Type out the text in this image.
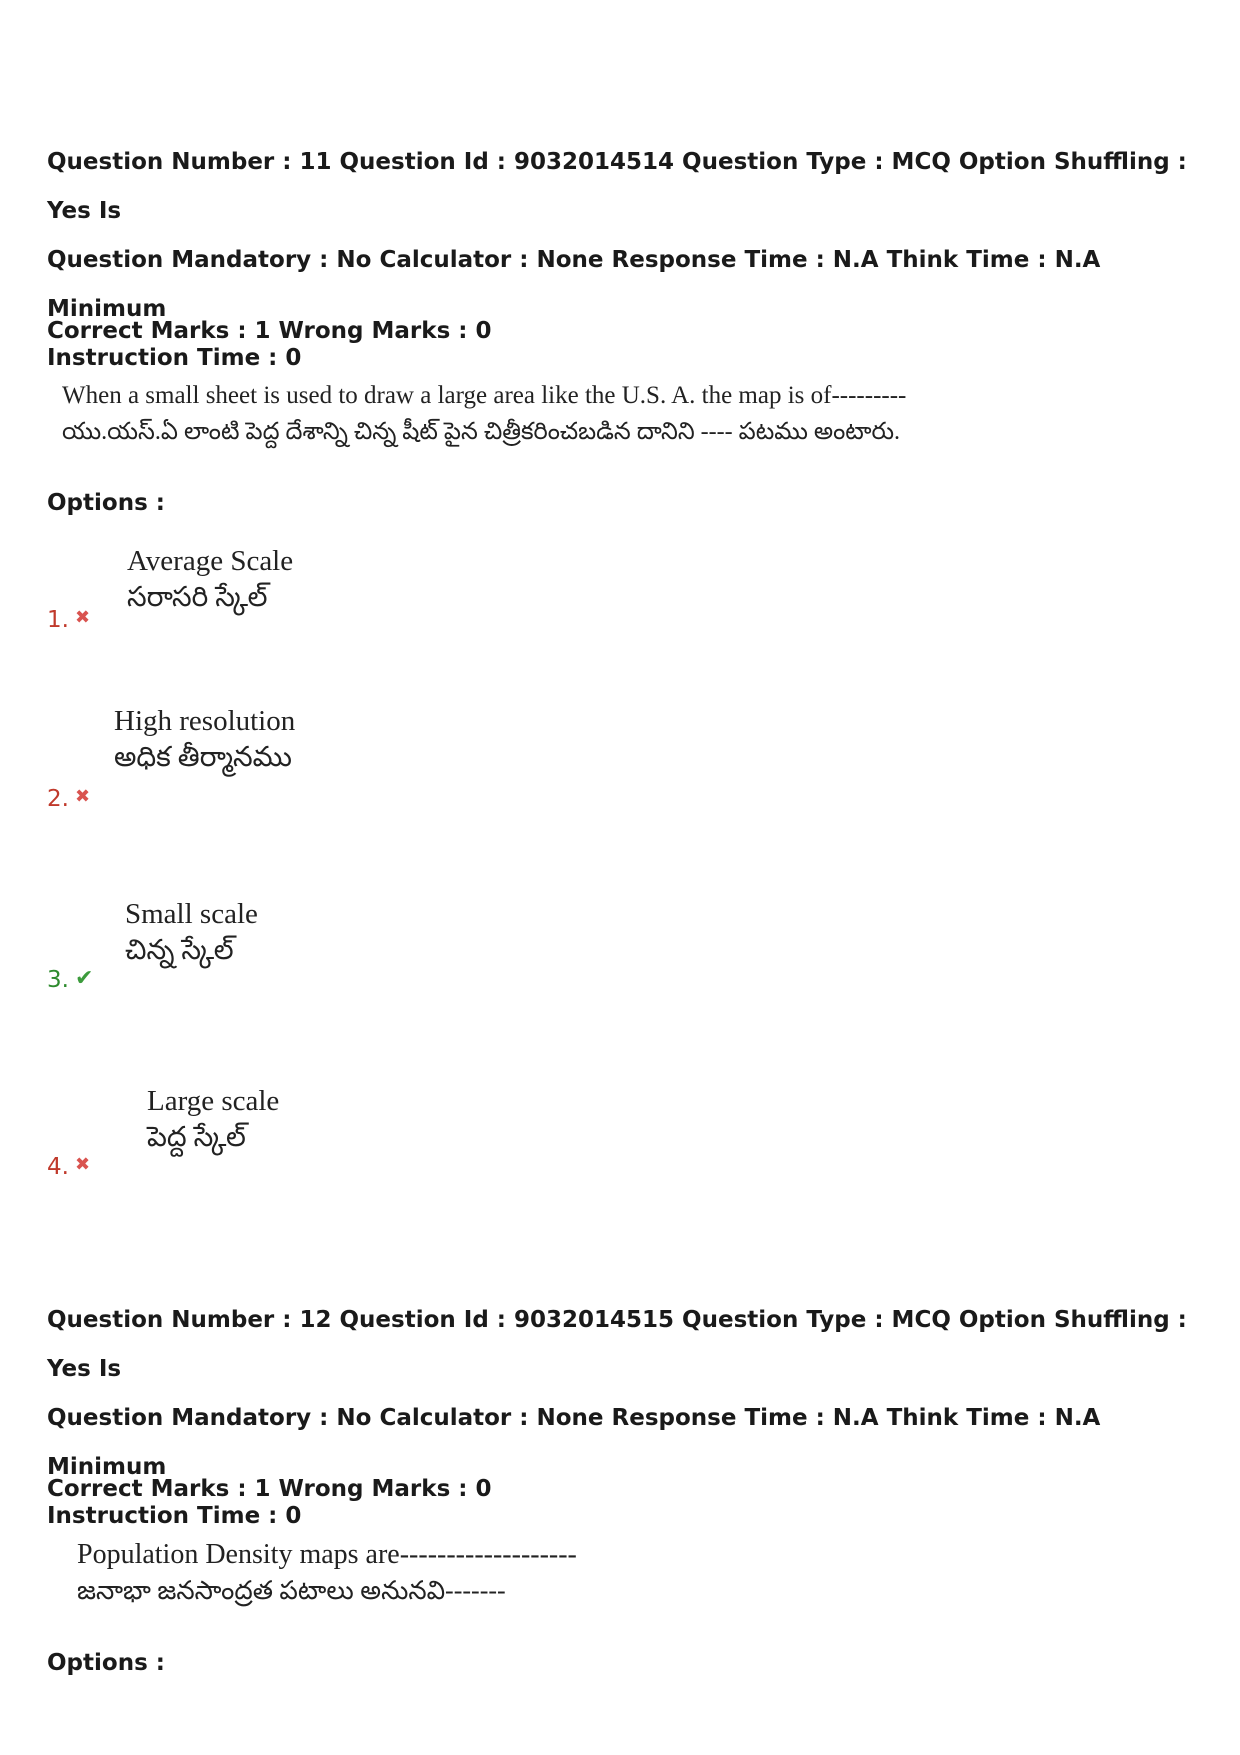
Question Number : 11 Question Id : 9032014514 Question Type : MCQ Option Shuffling : Yes Is
Question Mandatory : No Calculator : None Response Time : N.A Think Time : N.A Minimum
Instruction Time : 0
Correct Marks : 1 Wrong Marks : 0
When a small sheet is used to draw a large area like the U.S. A. the map is of---------
యు.యస్.ఏ లాంటి పెద్ద దేశాన్ని చిన్న షీట్ పైన చిత్రీకరించబడిన దానిని ---- పటము అంటారు.
Options :
Average Scale
సరాసరి స్కేల్
1. ✖
High resolution
అధిక తీర్మానము
2. ✖
Small scale
చిన్న స్కేల్
3. ✔
Large scale
పెద్ద స్కేల్
4. ✖
Question Number : 12 Question Id : 9032014515 Question Type : MCQ Option Shuffling : Yes Is
Question Mandatory : No Calculator : None Response Time : N.A Think Time : N.A Minimum
Instruction Time : 0
Correct Marks : 1 Wrong Marks : 0
Population Density maps are-------------------
జనాభా జనసాంద్రత పటాలు అనునవి-------
Options :
